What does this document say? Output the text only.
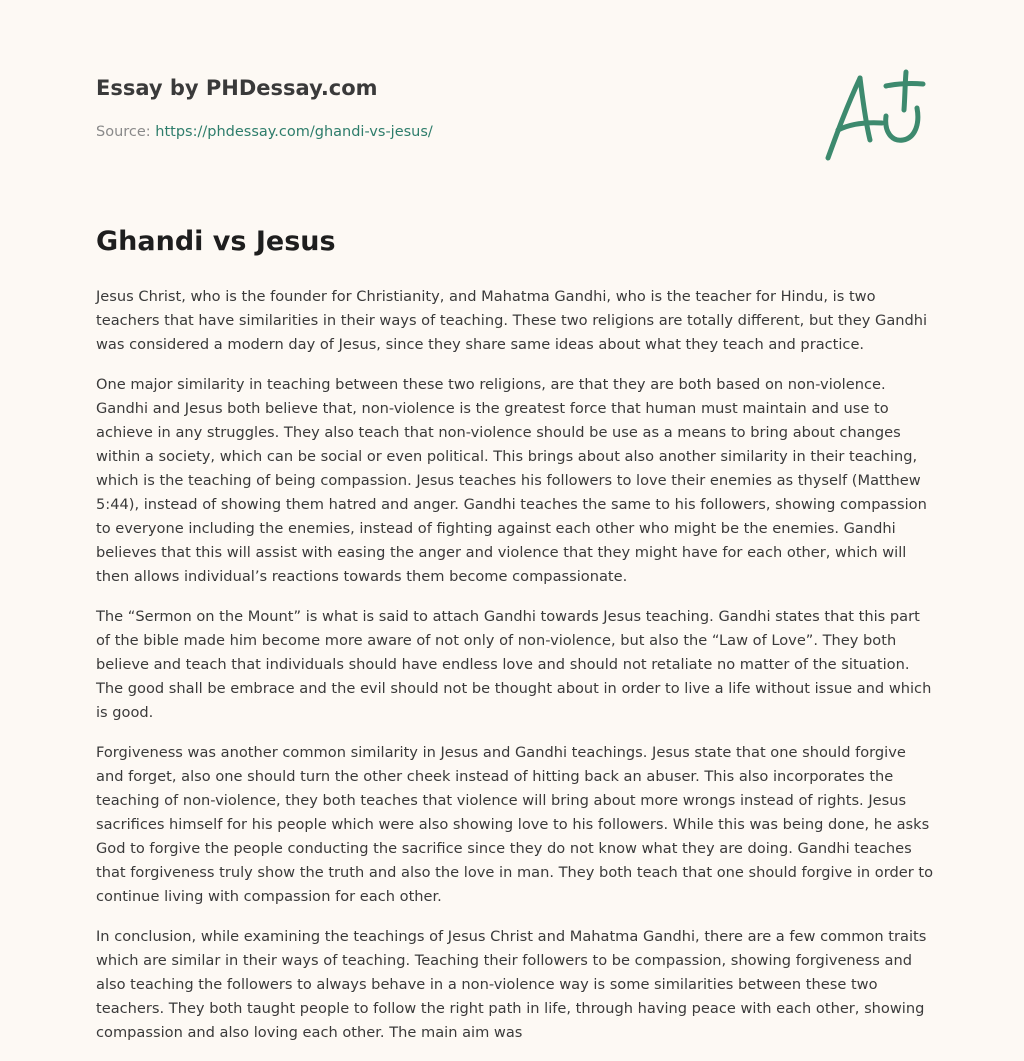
Essay by PHDessay.com
Source: https://phdessay.com/ghandi-vs-jesus/
Ghandi vs Jesus

Jesus Christ, who is the founder for Christianity, and Mahatma Gandhi, who is the teacher for Hindu, is two teachers that have similarities in their ways of teaching. These two religions are totally different, but they Gandhi was considered a modern day of Jesus, since they share same ideas about what they teach and practice.

One major similarity in teaching between these two religions, are that they are both based on non-violence. Gandhi and Jesus both believe that, non-violence is the greatest force that human must maintain and use to achieve in any struggles. They also teach that non-violence should be use as a means to bring about changes within a society, which can be social or even political. This brings about also another similarity in their teaching, which is the teaching of being compassion. Jesus teaches his followers to love their enemies as thyself (Matthew 5:44), instead of showing them hatred and anger. Gandhi teaches the same to his followers, showing compassion to everyone including the enemies, instead of fighting against each other who might be the enemies. Gandhi believes that this will assist with easing the anger and violence that they might have for each other, which will then allows individual’s reactions towards them become compassionate.

The “Sermon on the Mount” is what is said to attach Gandhi towards Jesus teaching. Gandhi states that this part of the bible made him become more aware of not only of non-violence, but also the “Law of Love”. They both believe and teach that individuals should have endless love and should not retaliate no matter of the situation. The good shall be embrace and the evil should not be thought about in order to live a life without issue and which is good.

Forgiveness was another common similarity in Jesus and Gandhi teachings. Jesus state that one should forgive and forget, also one should turn the other cheek instead of hitting back an abuser. This also incorporates the teaching of non-violence, they both teaches that violence will bring about more wrongs instead of rights. Jesus sacrifices himself for his people which were also showing love to his followers. While this was being done, he asks God to forgive the people conducting the sacrifice since they do not know what they are doing. Gandhi teaches that forgiveness truly show the truth and also the love in man. They both teach that one should forgive in order to continue living with compassion for each other.

In conclusion, while examining the teachings of Jesus Christ and Mahatma Gandhi, there are a few common traits which are similar in their ways of teaching. Teaching their followers to be compassion, showing forgiveness and also teaching the followers to always behave in a non-violence way is some similarities between these two teachers. They both taught people to follow the right path in life, through having peace with each other, showing compassion and also loving each other. The main aim was
